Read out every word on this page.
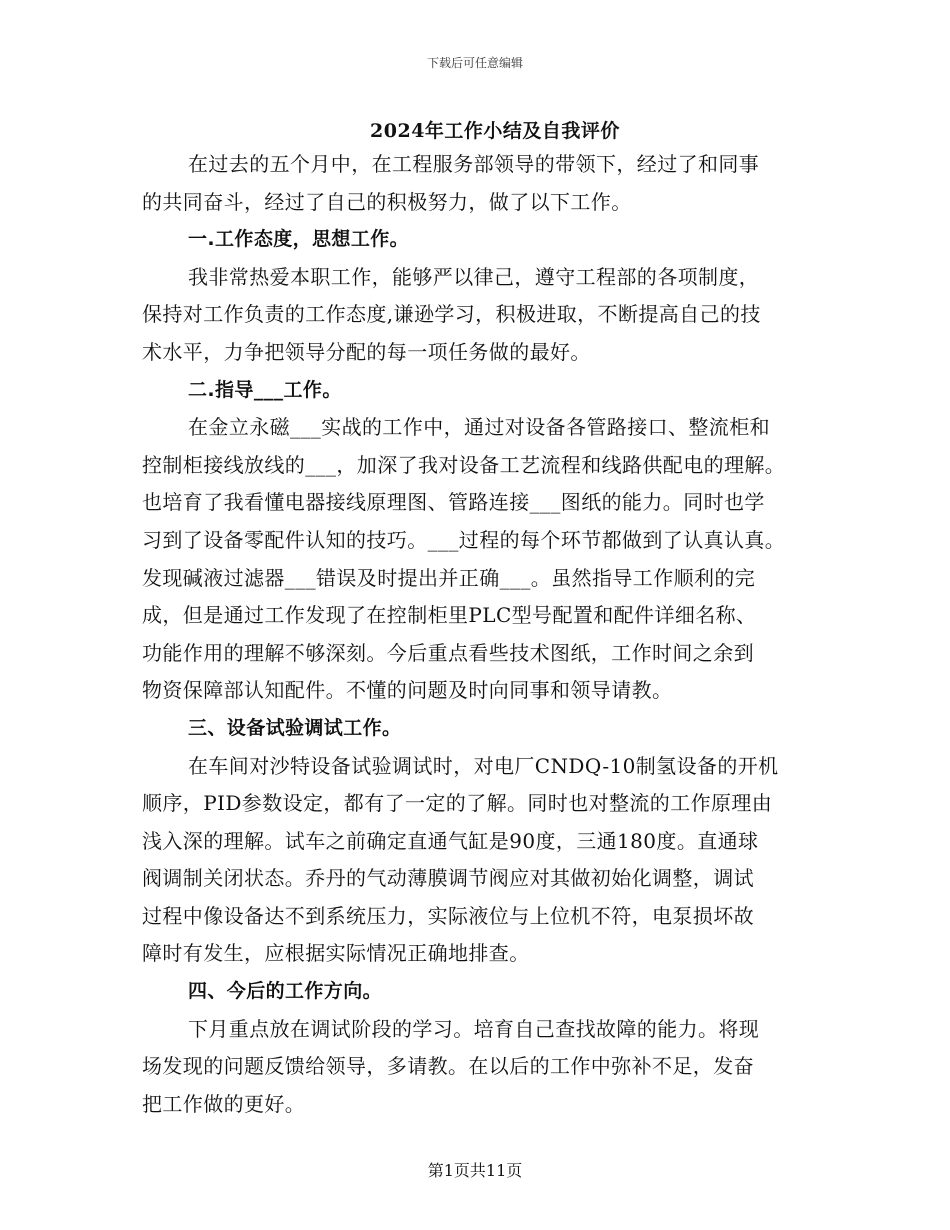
下载后可任意编辑
2024年工作小结及自我评价
在过去的五个月中，在工程服务部领导的带领下，经过了和同事
的共同奋斗，经过了自己的积极努力，做了以下工作。
一.工作态度，思想工作。
我非常热爱本职工作，能够严以律己，遵守工程部的各项制度，
保持对工作负责的工作态度,谦逊学习，积极进取，不断提高自己的技
术水平，力争把领导分配的每一项任务做的最好。
二.指导___工作。
在金立永磁___实战的工作中，通过对设备各管路接口、整流柜和
控制柜接线放线的___，加深了我对设备工艺流程和线路供配电的理解。
也培育了我看懂电器接线原理图、管路连接___图纸的能力。同时也学
习到了设备零配件认知的技巧。___过程的每个环节都做到了认真认真。
发现碱液过滤器___错误及时提出并正确___。虽然指导工作顺利的完
成，但是通过工作发现了在控制柜里PLC型号配置和配件详细名称、
功能作用的理解不够深刻。今后重点看些技术图纸，工作时间之余到
物资保障部认知配件。不懂的问题及时向同事和领导请教。
三、设备试验调试工作。
在车间对沙特设备试验调试时，对电厂CNDQ-10制氢设备的开机
顺序，PID参数设定，都有了一定的了解。同时也对整流的工作原理由
浅入深的理解。试车之前确定直通气缸是90度，三通180度。直通球
阀调制关闭状态。乔丹的气动薄膜调节阀应对其做初始化调整，调试
过程中像设备达不到系统压力，实际液位与上位机不符，电泵损坏故
障时有发生，应根据实际情况正确地排查。
四、今后的工作方向。
下月重点放在调试阶段的学习。培育自己查找故障的能力。将现
场发现的问题反馈给领导，多请教。在以后的工作中弥补不足，发奋
把工作做的更好。
第1页共11页
